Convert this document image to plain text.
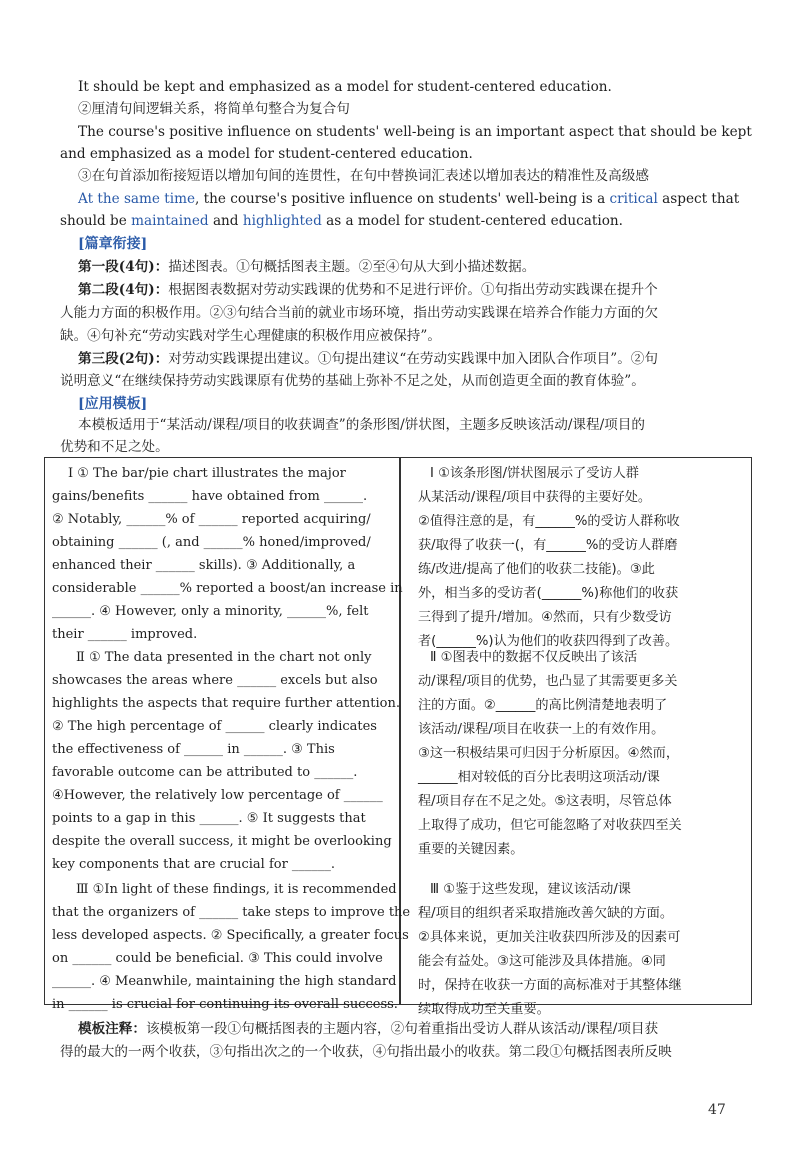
It should be kept and emphasized as a model for student-centered education.
②厘清句间逻辑关系，将简单句整合为复合句
The course's positive influence on students' well-being is an important aspect that should be kept
and emphasized as a model for student-centered education.
③在句首添加衔接短语以增加句间的连贯性，在句中替换词汇表述以增加表达的精准性及高级感
At the same time, the course's positive influence on students' well-being is a critical aspect that
should be maintained and highlighted as a model for student-centered education.
[篇章衔接]
第一段(4句)：描述图表。①句概括图表主题。②至④句从大到小描述数据。
第二段(4句)：根据图表数据对劳动实践课的优势和不足进行评价。①句指出劳动实践课在提升个
人能力方面的积极作用。②③句结合当前的就业市场环境，指出劳动实践课在培养合作能力方面的欠
缺。④句补充“劳动实践对学生心理健康的积极作用应被保持”。
第三段(2句)：对劳动实践课提出建议。①句提出建议“在劳动实践课中加入团队合作项目”。②句
说明意义“在继续保持劳动实践课原有优势的基础上弥补不足之处，从而创造更全面的教育体验”。
[应用模板]
本模板适用于“某活动/课程/项目的收获调查”的条形图/饼状图，主题多反映该活动/课程/项目的
优势和不足之处。
Ⅰ ① The bar/pie chart illustrates the major
gains/benefits ______ have obtained from ______.
② Notably, ______% of ______ reported acquiring/
obtaining ______ (, and ______% honed/improved/
enhanced their ______ skills). ③ Additionally, a
considerable ______% reported a boost/an increase in
______. ④ However, only a minority, ______%, felt
their ______ improved.
Ⅱ ① The data presented in the chart not only
showcases the areas where ______ excels but also
highlights the aspects that require further attention.
② The high percentage of ______ clearly indicates
the effectiveness of ______ in ______. ③ This
favorable outcome can be attributed to ______.
④However, the relatively low percentage of ______
points to a gap in this ______. ⑤ It suggests that
despite the overall success, it might be overlooking
key components that are crucial for ______.
Ⅲ ①In light of these findings, it is recommended
that the organizers of ______ take steps to improve the
less developed aspects. ② Specifically, a greater focus
on ______ could be beneficial. ③ This could involve
______. ④ Meanwhile, maintaining the high standard
in ______ is crucial for continuing its overall success.
Ⅰ ①该条形图/饼状图展示了受访人群
从某活动/课程/项目中获得的主要好处。
②值得注意的是，有______%的受访人群称收
获/取得了收获一(，有______%的受访人群磨
练/改进/提高了他们的收获二技能)。③此
外，相当多的受访者(______%)称他们的收获
三得到了提升/增加。④然而，只有少数受访
者(______%)认为他们的收获四得到了改善。
Ⅱ ①图表中的数据不仅反映出了该活
动/课程/项目的优势，也凸显了其需要更多关
注的方面。②______的高比例清楚地表明了
该活动/课程/项目在收获一上的有效作用。
③这一积极结果可归因于分析原因。④然而，
______相对较低的百分比表明这项活动/课
程/项目存在不足之处。⑤这表明，尽管总体
上取得了成功，但它可能忽略了对收获四至关
重要的关键因素。
Ⅲ ①鉴于这些发现，建议该活动/课
程/项目的组织者采取措施改善欠缺的方面。
②具体来说，更加关注收获四所涉及的因素可
能会有益处。③这可能涉及具体措施。④同
时，保持在收获一方面的高标准对于其整体继
续取得成功至关重要。
模板注释：该模板第一段①句概括图表的主题内容，②句着重指出受访人群从该活动/课程/项目获
得的最大的一两个收获，③句指出次之的一个收获，④句指出最小的收获。第二段①句概括图表所反映
47
